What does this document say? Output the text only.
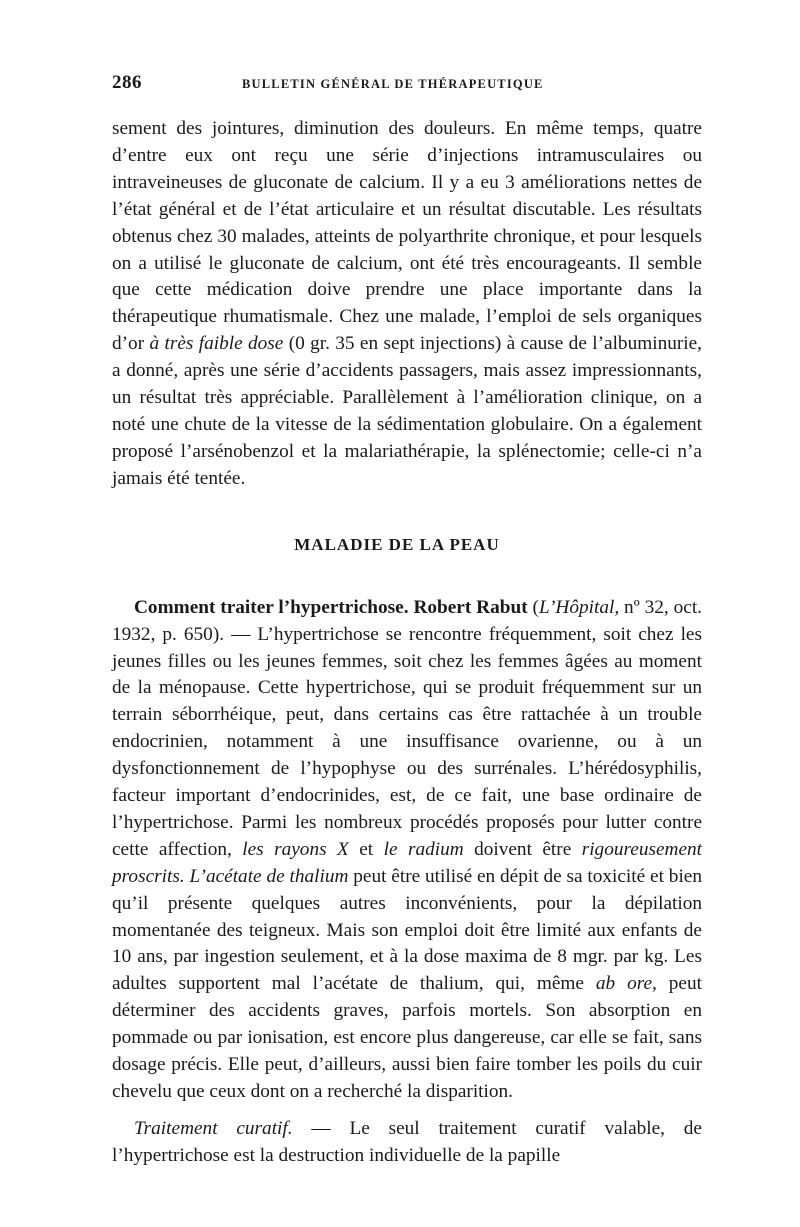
286	BULLETIN GÉNÉRAL DE THÉRAPEUTIQUE

sement des jointures, diminution des douleurs. En même temps, quatre d’entre eux ont reçu une série d’injections intramusculaires ou intraveineuses de gluconate de calcium. Il y a eu 3 améliorations nettes de l’état général et de l’état articulaire et un résultat discutable. Les résultats obtenus chez 30 malades, atteints de polyarthrite chronique, et pour lesquels on a utilisé le gluconate de calcium, ont été très encourageants. Il semble que cette médication doive prendre une place importante dans la thérapeutique rhumatismale. Chez une malade, l’emploi de sels organiques d’or à très faible dose (0 gr. 35 en sept injections) à cause de l’albuminurie, a donné, après une série d’accidents passagers, mais assez impressionnants, un résultat très appréciable. Parallèlement à l’amélioration clinique, on a noté une chute de la vitesse de la sédimentation globulaire. On a également proposé l’arsénobenzol et la malariathérapie, la splénectomie; celle-ci n’a jamais été tentée.

MALADIE DE LA PEAU

Comment traiter l’hypertrichose. Robert Rabut (L’Hôpital, nº 32, oct. 1932, p. 650). — L’hypertrichose se rencontre fréquemment, soit chez les jeunes filles ou les jeunes femmes, soit chez les femmes âgées au moment de la ménopause. Cette hypertrichose, qui se produit fréquemment sur un terrain séborrhéique, peut, dans certains cas être rattachée à un trouble endocrinien, notamment à une insuffisance ovarienne, ou à un dysfonctionnement de l’hypophyse ou des surrénales. L’hérédosyphilis, facteur important d’endocrinides, est, de ce fait, une base ordinaire de l’hypertrichose. Parmi les nombreux procédés proposés pour lutter contre cette affection, les rayons X et le radium doivent être rigoureusement proscrits. L’acétate de thalium peut être utilisé en dépit de sa toxicité et bien qu’il présente quelques autres inconvénients, pour la dépilation momentanée des teigneux. Mais son emploi doit être limité aux enfants de 10 ans, par ingestion seulement, et à la dose maxima de 8 mgr. par kg. Les adultes supportent mal l’acétate de thalium, qui, même ab ore, peut déterminer des accidents graves, parfois mortels. Son absorption en pommade ou par ionisation, est encore plus dangereuse, car elle se fait, sans dosage précis. Elle peut, d’ailleurs, aussi bien faire tomber les poils du cuir chevelu que ceux dont on a recherché la disparition.

Traitement curatif. — Le seul traitement curatif valable, de l’hypertrichose est la destruction individuelle de la papille
